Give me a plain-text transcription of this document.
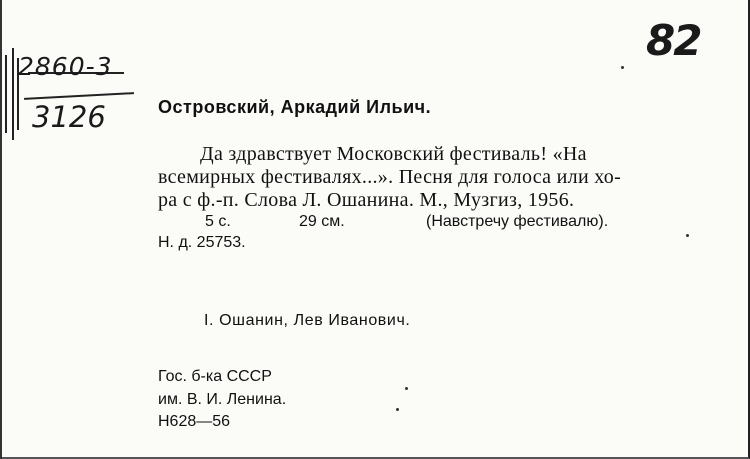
2860-3
3126
82
Островский, Аркадий Ильич.
Да здравствует Московский фестиваль! «На
всемирных фестивалях...». Песня для голоса или хо-
ра с ф.-п. Слова Л. Ошанина. М., Музгиз, 1956.
5 с.	29 см.	(Навстречу фестивалю).
Н. д. 25753.
I. Ошанин, Лев Иванович.
Гос. б-ка СССР
им. В. И. Ленина.
Н628—56
